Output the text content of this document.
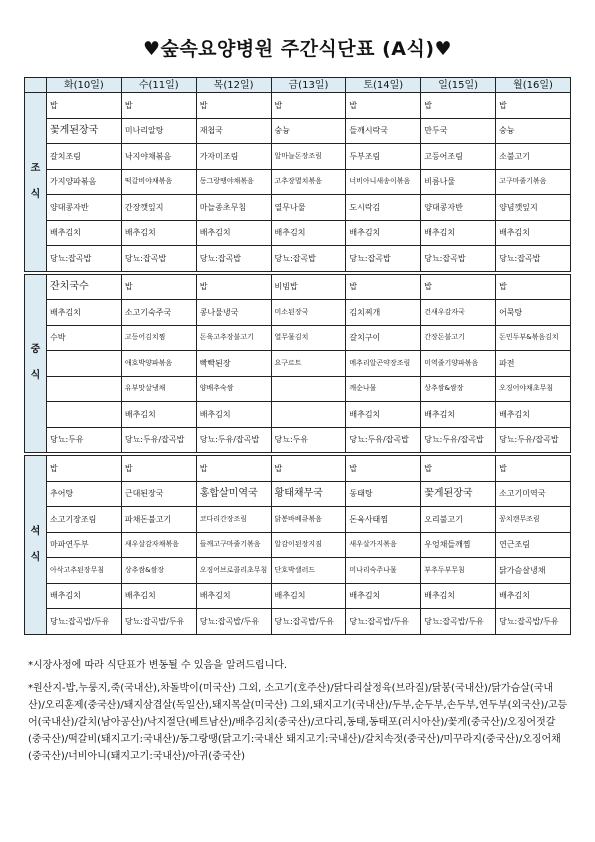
♥숲속요양병원 주간식단표 (A식)♥
	화(10일)	수(11일)	목(12일)	금(13일)	토(14일)	일(15일)	월(16일)

조
식	밥	밥	밥	밥	밥	밥	밥
	꽃게된장국	미나리알탕	재첩국	숭늉	들깨시락국	만두국	숭늉
	갈치조림	낙지야채볶음	가자미조림	알마늘돈장조림	두부조림	고등어조림	소불고기
	가지양파볶음	떡갈비야채볶음	동그랑땡야채볶음	고추장멸치볶음	너비아니새송이볶음	비름나물	고구마줄기볶음
	양대콩자반	간장깻잎지	마늘종초무침	열무나물	도시락김	양대콩자반	양념깻잎지
	배추김치	배추김치	배추김치	배추김치	배추김치	배추김치	배추김치
	당뇨:잡곡밥	당뇨:잡곡밥	당뇨:잡곡밥	당뇨:잡곡밥	당뇨:잡곡밥	당뇨:잡곡밥	당뇨:잡곡밥

중
식	잔치국수	밥	밥	비빔밥	밥	밥	밥
	배추김치	소고기숙주국	콩나물냉국	미소된장국	김치찌개	건새우감자국	어묵탕
	수박	고등어김치찜	돈육고추장불고기	열무물김치	갈치구이	간장돈불고기	돈민두부&볶음김치
		애호박양파볶음	빡빡된장	요구르트	메추리알곤약장조림	미역줄기양파볶음	파전
		유부맛살냉채	양배추숙쌈		깨순나물	상추쌈&쌈장	오징어야채초무침
		배추김치	배추김치		배추김치	배추김치	배추김치
	당뇨:두유	당뇨:두유/잡곡밥	당뇨:두유/잡곡밥	당뇨:두유	당뇨:두유/잡곡밥	당뇨:두유/잡곡밥	당뇨:두유/잡곡밥

석
식	밥	밥	밥	밥	밥	밥	밥
	추어탕	근대된장국	홍합살미역국	황태채무국	동태탕	꽃게된장국	소고기미역국
	소고기장조림	파채돈불고기	코다리간장조림	닭봉바베큐볶음	돈육사태찜	오리불고기	꽁치캔무조림
	마파연두부	새우살감자채볶음	들깨고구마줄기볶음	알감이된장지짐	새우살가지볶음	우엉채들깨찜	연근조림
	아삭고추된장무침	상추쌈&쌈장	오징어브로콜리초무침	단호박샐러드	미나리숙주나물	부추두부무침	닭가슴살냉채
	배추김치	배추김치	배추김치	배추김치	배추김치	배추김치	배추김치
	당뇨:잡곡밥/두유	당뇨:잡곡밥/두유	당뇨:잡곡밥/두유	당뇨:잡곡밥/두유	당뇨:잡곡밥/두유	당뇨:잡곡밥/두유	당뇨:잡곡밥/두유

*시장사정에 따라 식단표가 변동될 수 있음을 알려드립니다.

*원산지-밥,누룽지,죽(국내산),차돌박이(미국산) 그외, 소고기(호주산)/닭다리살정육(브라질)/닭봉(국내산)/닭가슴살(국내산)/오리훈제(중국산)/돼지삼겹살(독일산),돼지목살(미국산) 그외,돼지고기(국내산)/두부,순두부,손두부,연두부(외국산)/고등어(국내산)/갈치(남아공산)/낙지절단(베트남산)/배추김치(중국산)/코다리,동태,동태포(러시아산)/꽃게(중국산)/오징어젓갈(중국산)/떡갈비(돼지고기:국내산)/동그랑땡(닭고기:국내산 돼지고기:국내산)/갈치속젓(중국산)/미꾸라지(중국산)/오징어채(중국산)/너비아니(돼지고기:국내산)/아귀(중국산)
